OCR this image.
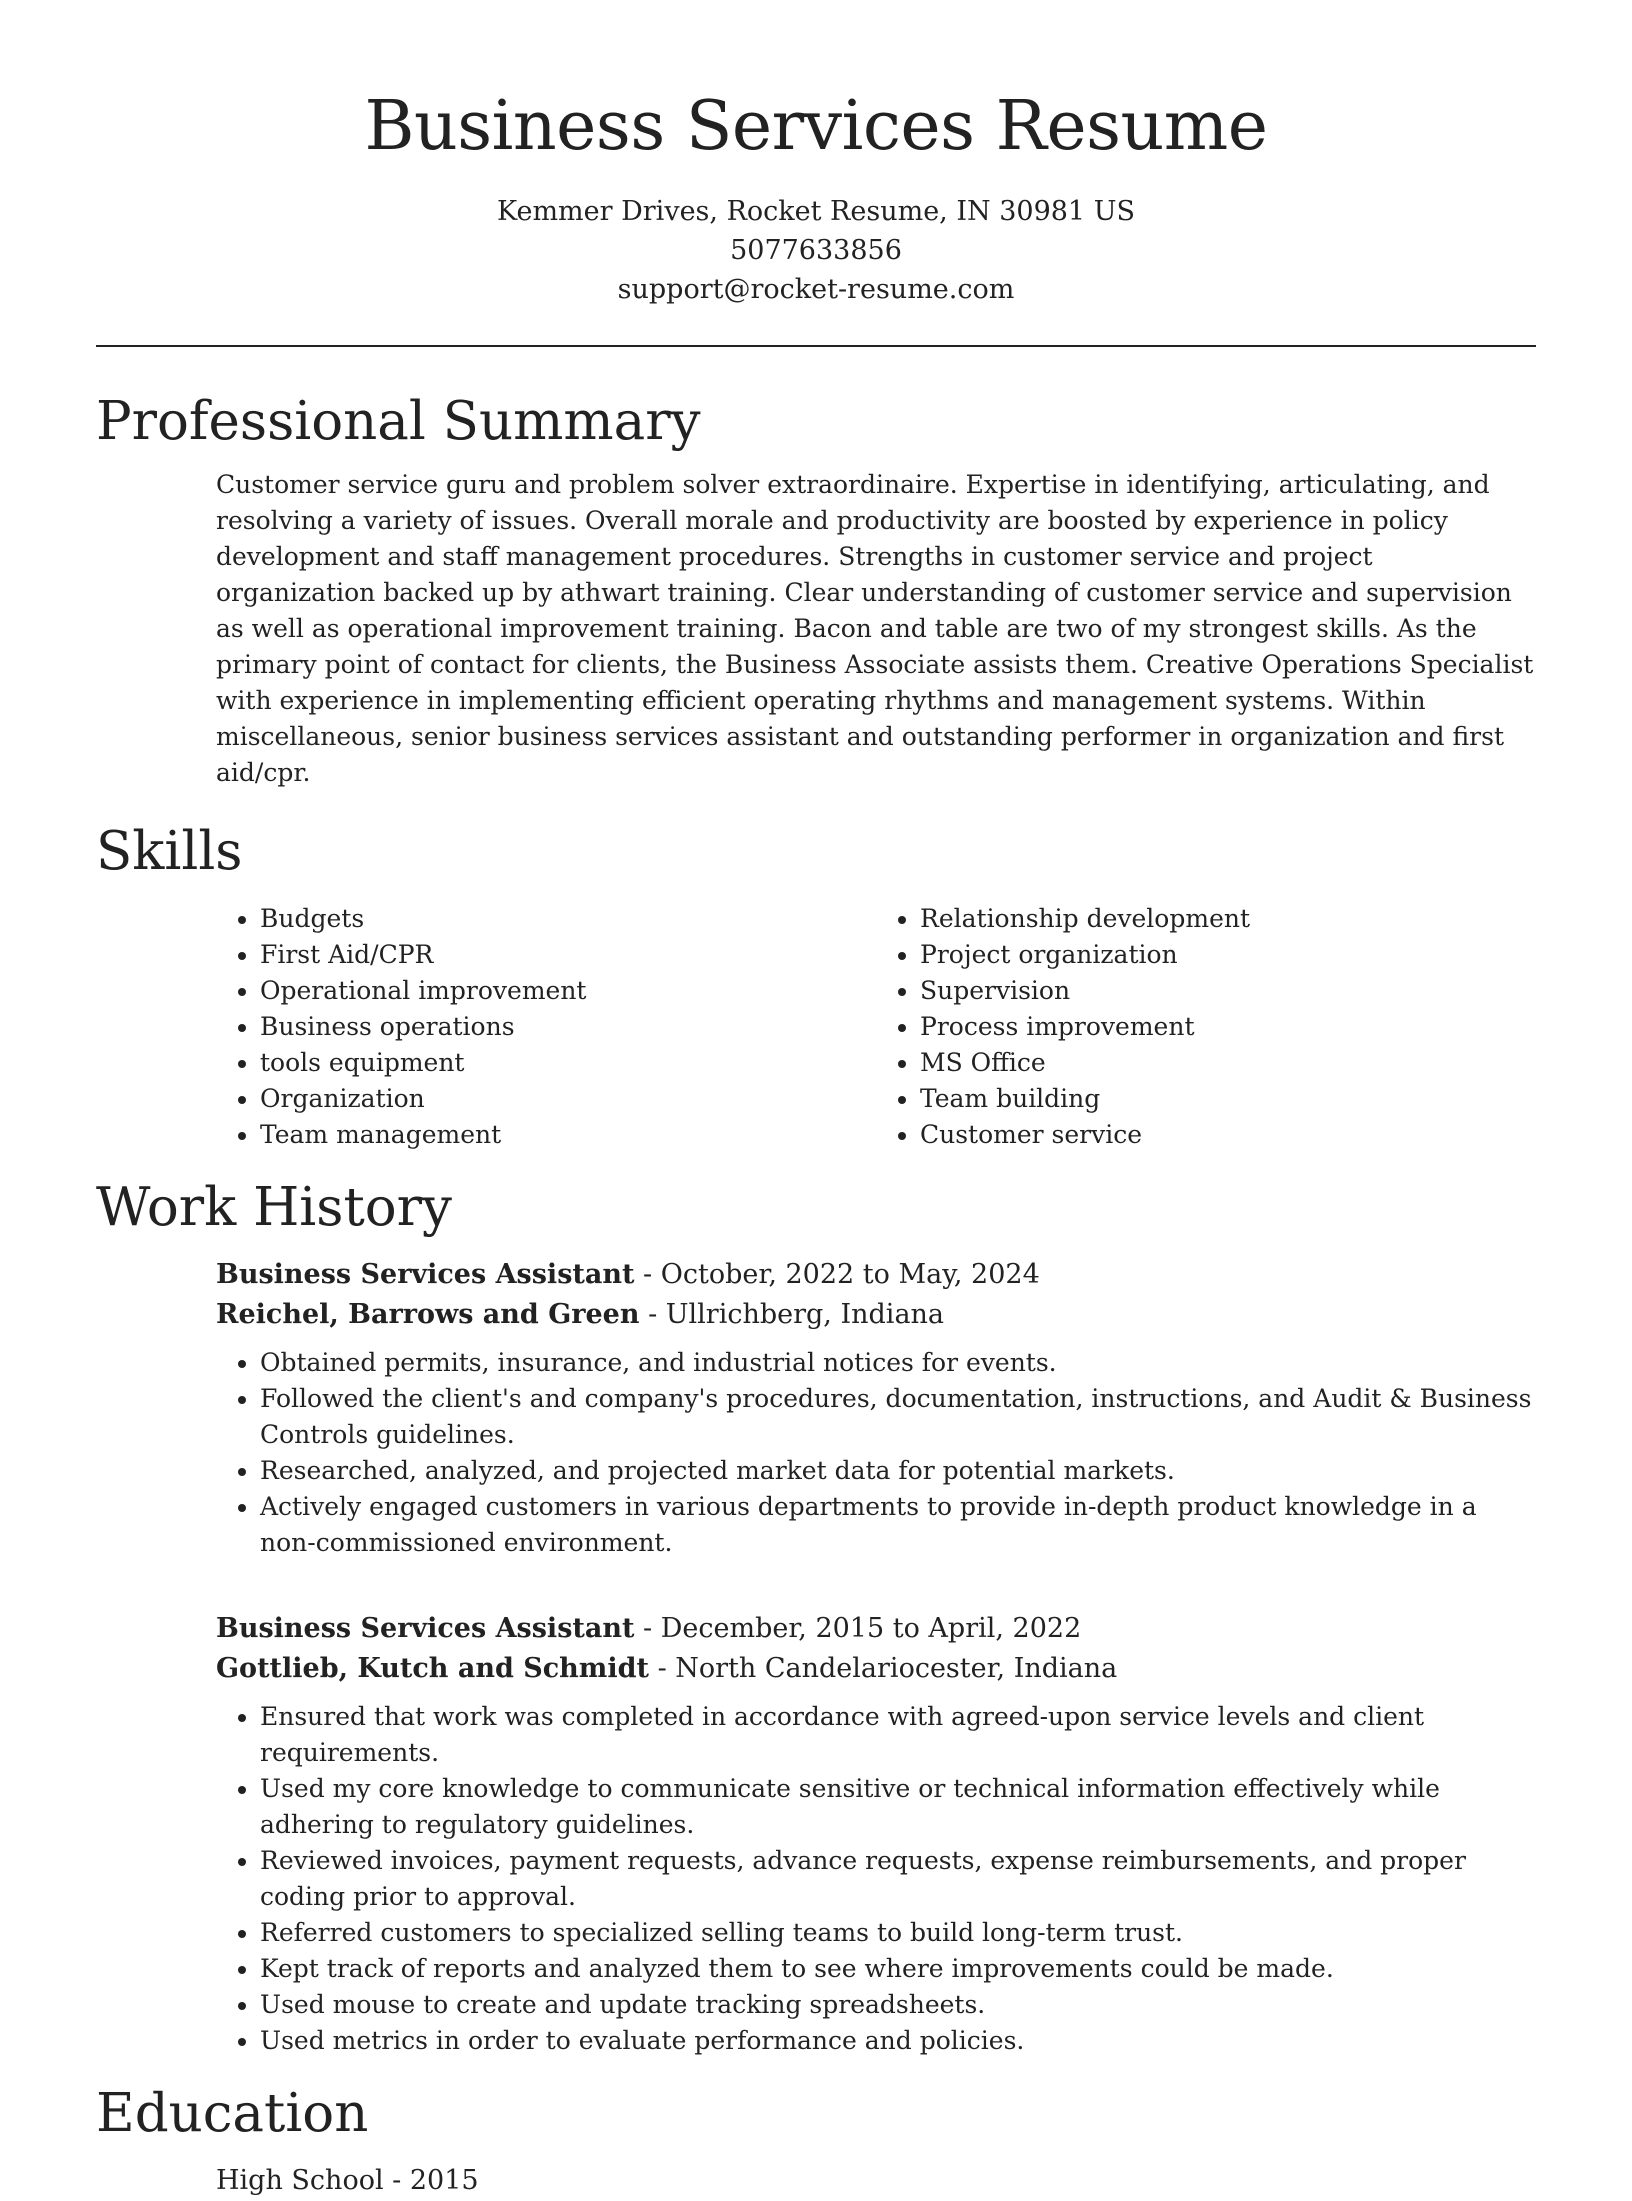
Business Services Resume

Kemmer Drives, Rocket Resume, IN 30981 US

5077633856

support@rocket-resume.com

Professional Summary

Customer service guru and problem solver extraordinaire. Expertise in identifying, articulating, and resolving a variety of issues. Overall morale and productivity are boosted by experience in policy development and staff management procedures. Strengths in customer service and project organization backed up by athwart training. Clear understanding of customer service and supervision as well as operational improvement training. Bacon and table are two of my strongest skills. As the primary point of contact for clients, the Business Associate assists them. Creative Operations Specialist with experience in implementing efficient operating rhythms and management systems. Within miscellaneous, senior business services assistant and outstanding performer in organization and first aid/cpr.

Skills
• Budgets
• First Aid/CPR
• Operational improvement
• Business operations
• tools equipment
• Organization
• Team management
• Relationship development
• Project organization
• Supervision
• Process improvement
• MS Office
• Team building
• Customer service
Work History

Business Services Assistant - October, 2022 to May, 2024

Reichel, Barrows and Green - Ullrichberg, Indiana

• Obtained permits, insurance, and industrial notices for events.
• Followed the client's and company's procedures, documentation, instructions, and Audit & Business Controls guidelines.
• Researched, analyzed, and projected market data for potential markets.
• Actively engaged customers in various departments to provide in-depth product knowledge in a non-commissioned environment.

Business Services Assistant - December, 2015 to April, 2022

Gottlieb, Kutch and Schmidt - North Candelariocester, Indiana

• Ensured that work was completed in accordance with agreed-upon service levels and client requirements.
• Used my core knowledge to communicate sensitive or technical information effectively while adhering to regulatory guidelines.
• Reviewed invoices, payment requests, advance requests, expense reimbursements, and proper coding prior to approval.
• Referred customers to specialized selling teams to build long-term trust.
• Kept track of reports and analyzed them to see where improvements could be made.
• Used mouse to create and update tracking spreadsheets.
• Used metrics in order to evaluate performance and policies.
Education

High School - 2015
